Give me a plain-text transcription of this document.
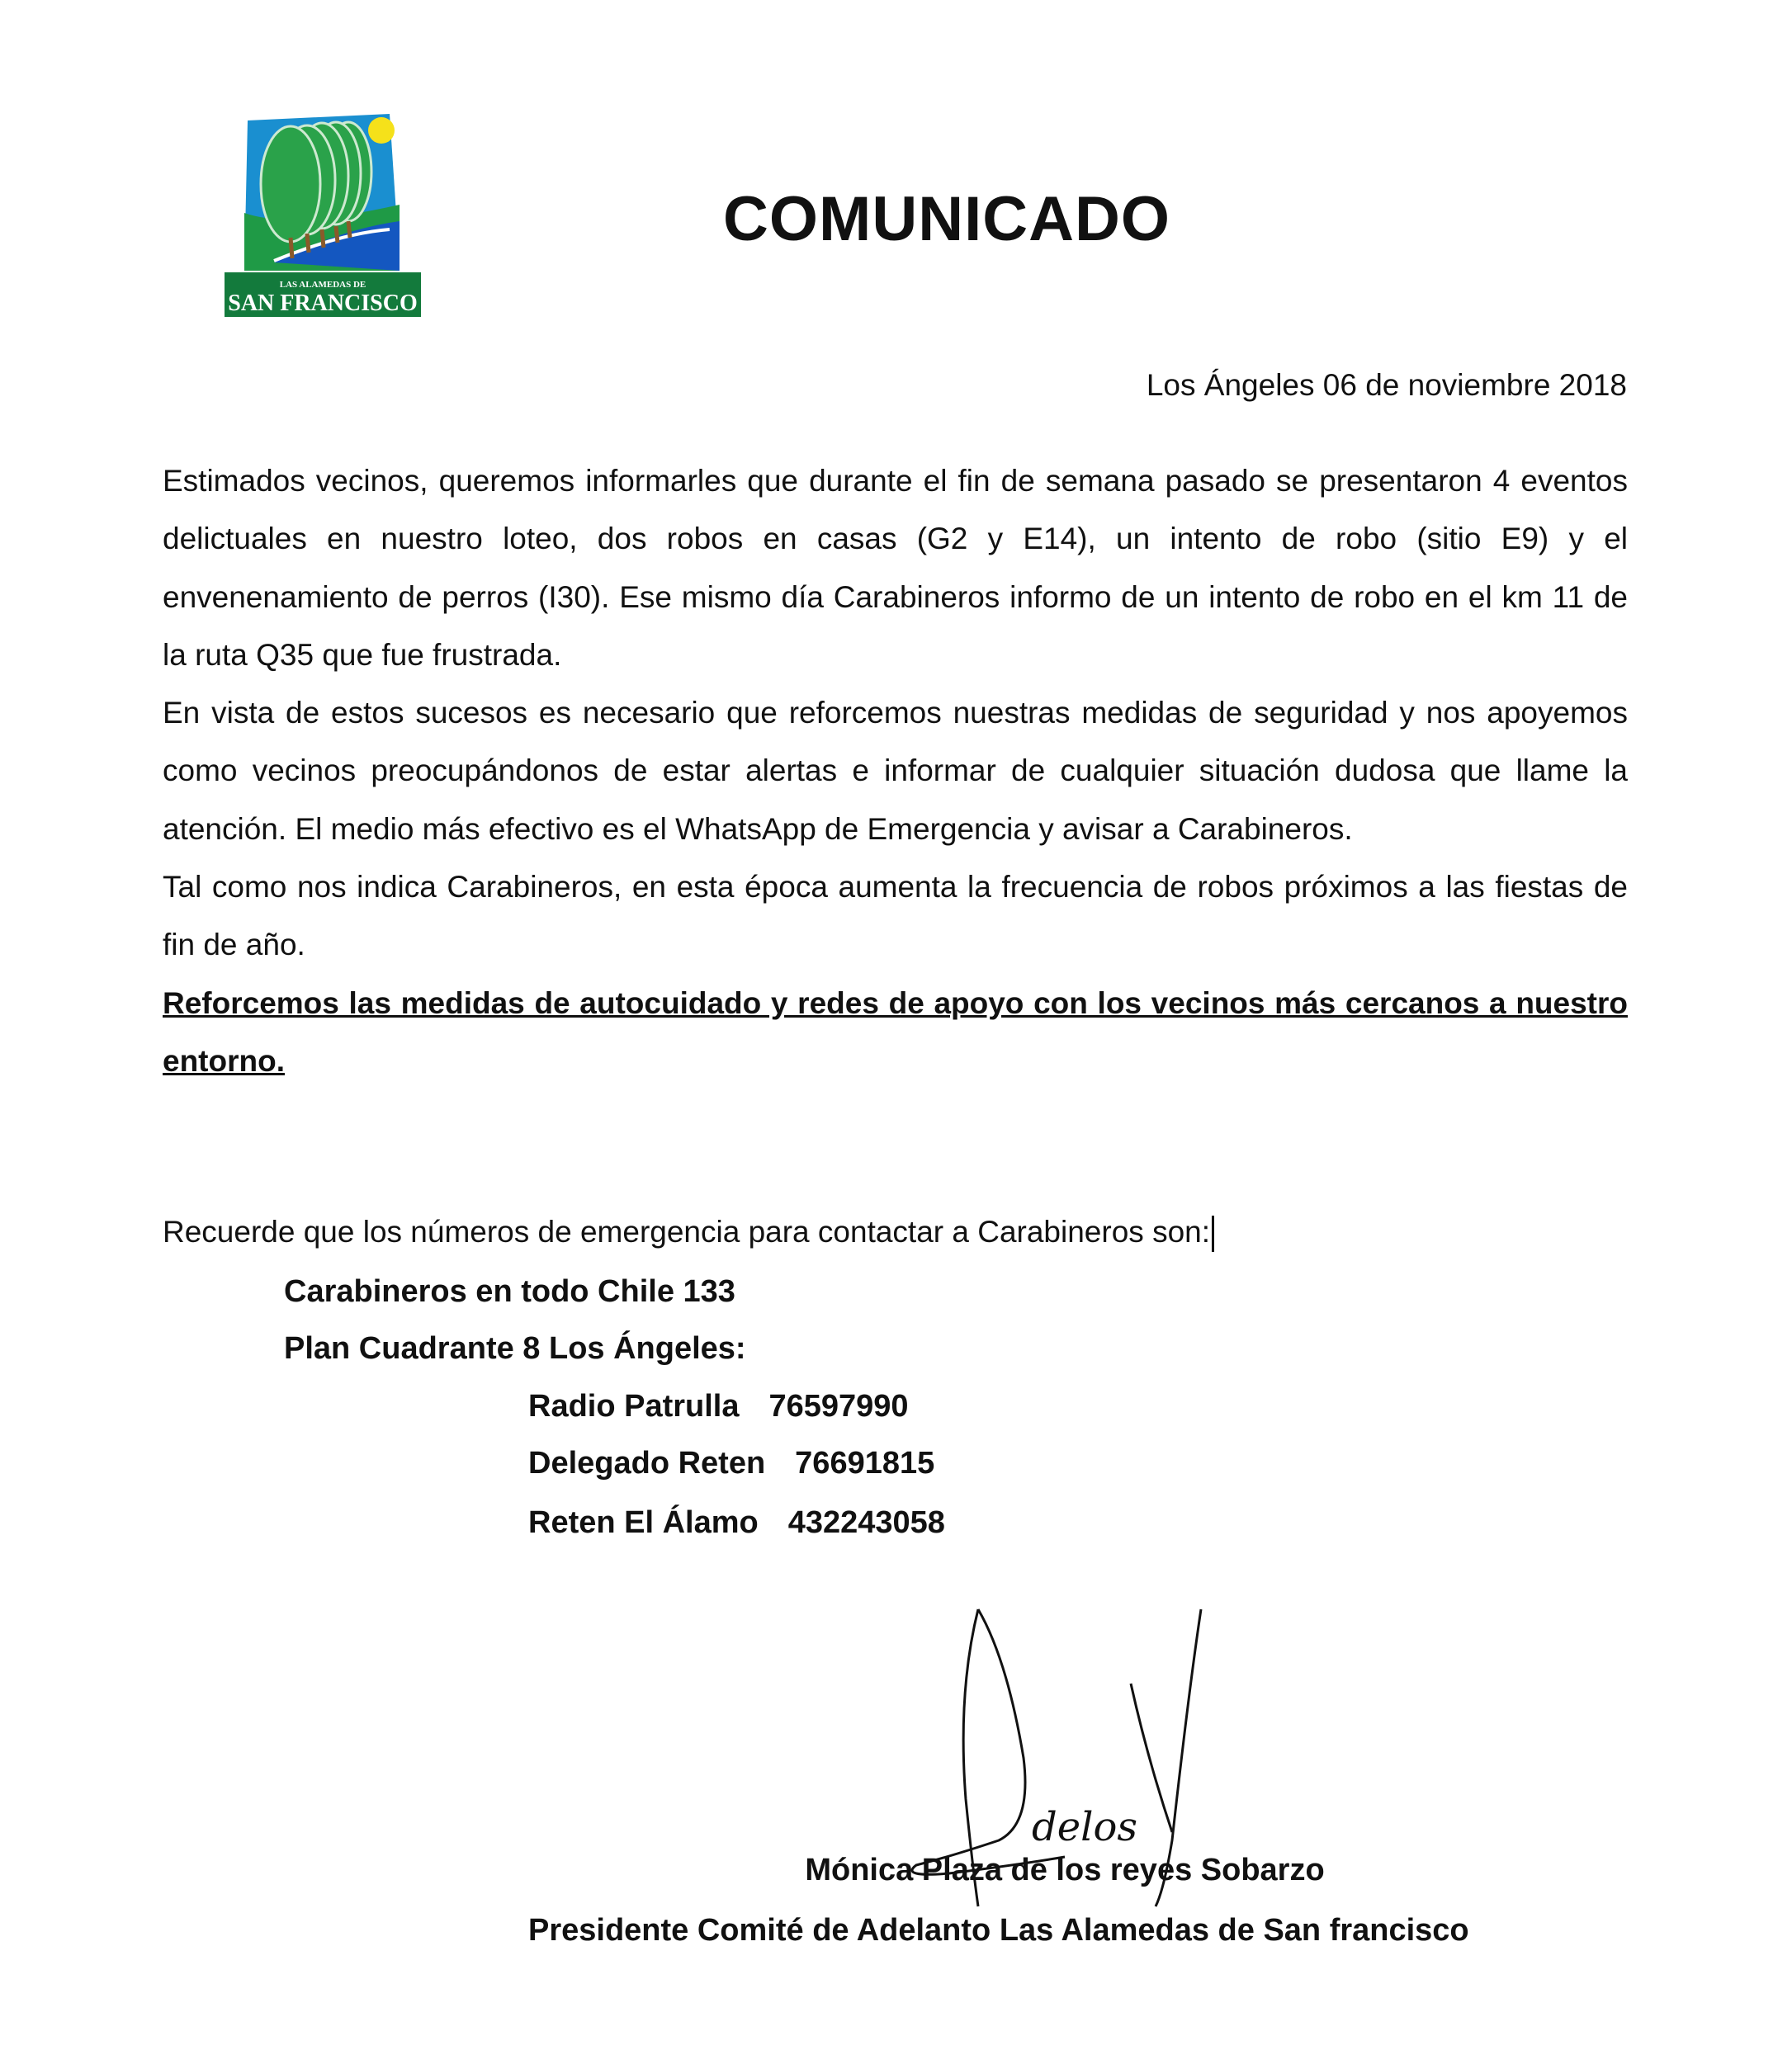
LAS ALAMEDAS DE
SAN FRANCISCO
COMUNICADO
Los Ángeles 06 de noviembre 2018

Estimados vecinos, queremos informarles que durante el fin de semana pasado se presentaron 4 eventos delictuales en nuestro loteo, dos robos en casas (G2 y E14), un intento de robo (sitio E9) y el envenenamiento de perros (I30). Ese mismo día Carabineros informo de un intento de robo en el km 11 de la ruta Q35 que fue frustrada.

En vista de estos sucesos es necesario que reforcemos nuestras medidas de seguridad y nos apoyemos como vecinos preocupándonos de estar alertas e informar de cualquier situación dudosa que llame la atención. El medio más efectivo es el WhatsApp de Emergencia y avisar a Carabineros.

Tal como nos indica Carabineros, en esta época aumenta la frecuencia de robos próximos a las fiestas de fin de año.

Reforcemos las medidas de autocuidado y redes de apoyo con los vecinos más cercanos a nuestro entorno.

Recuerde que los números de emergencia para contactar a Carabineros son:
Carabineros en todo Chile 133
Plan Cuadrante 8 Los Ángeles:
Radio Patrulla 76597990
Delegado Reten 76691815
Reten El Álamo 432243058
delos
Mónica Plaza de los reyes Sobarzo
Presidente Comité de Adelanto Las Alamedas de San francisco
